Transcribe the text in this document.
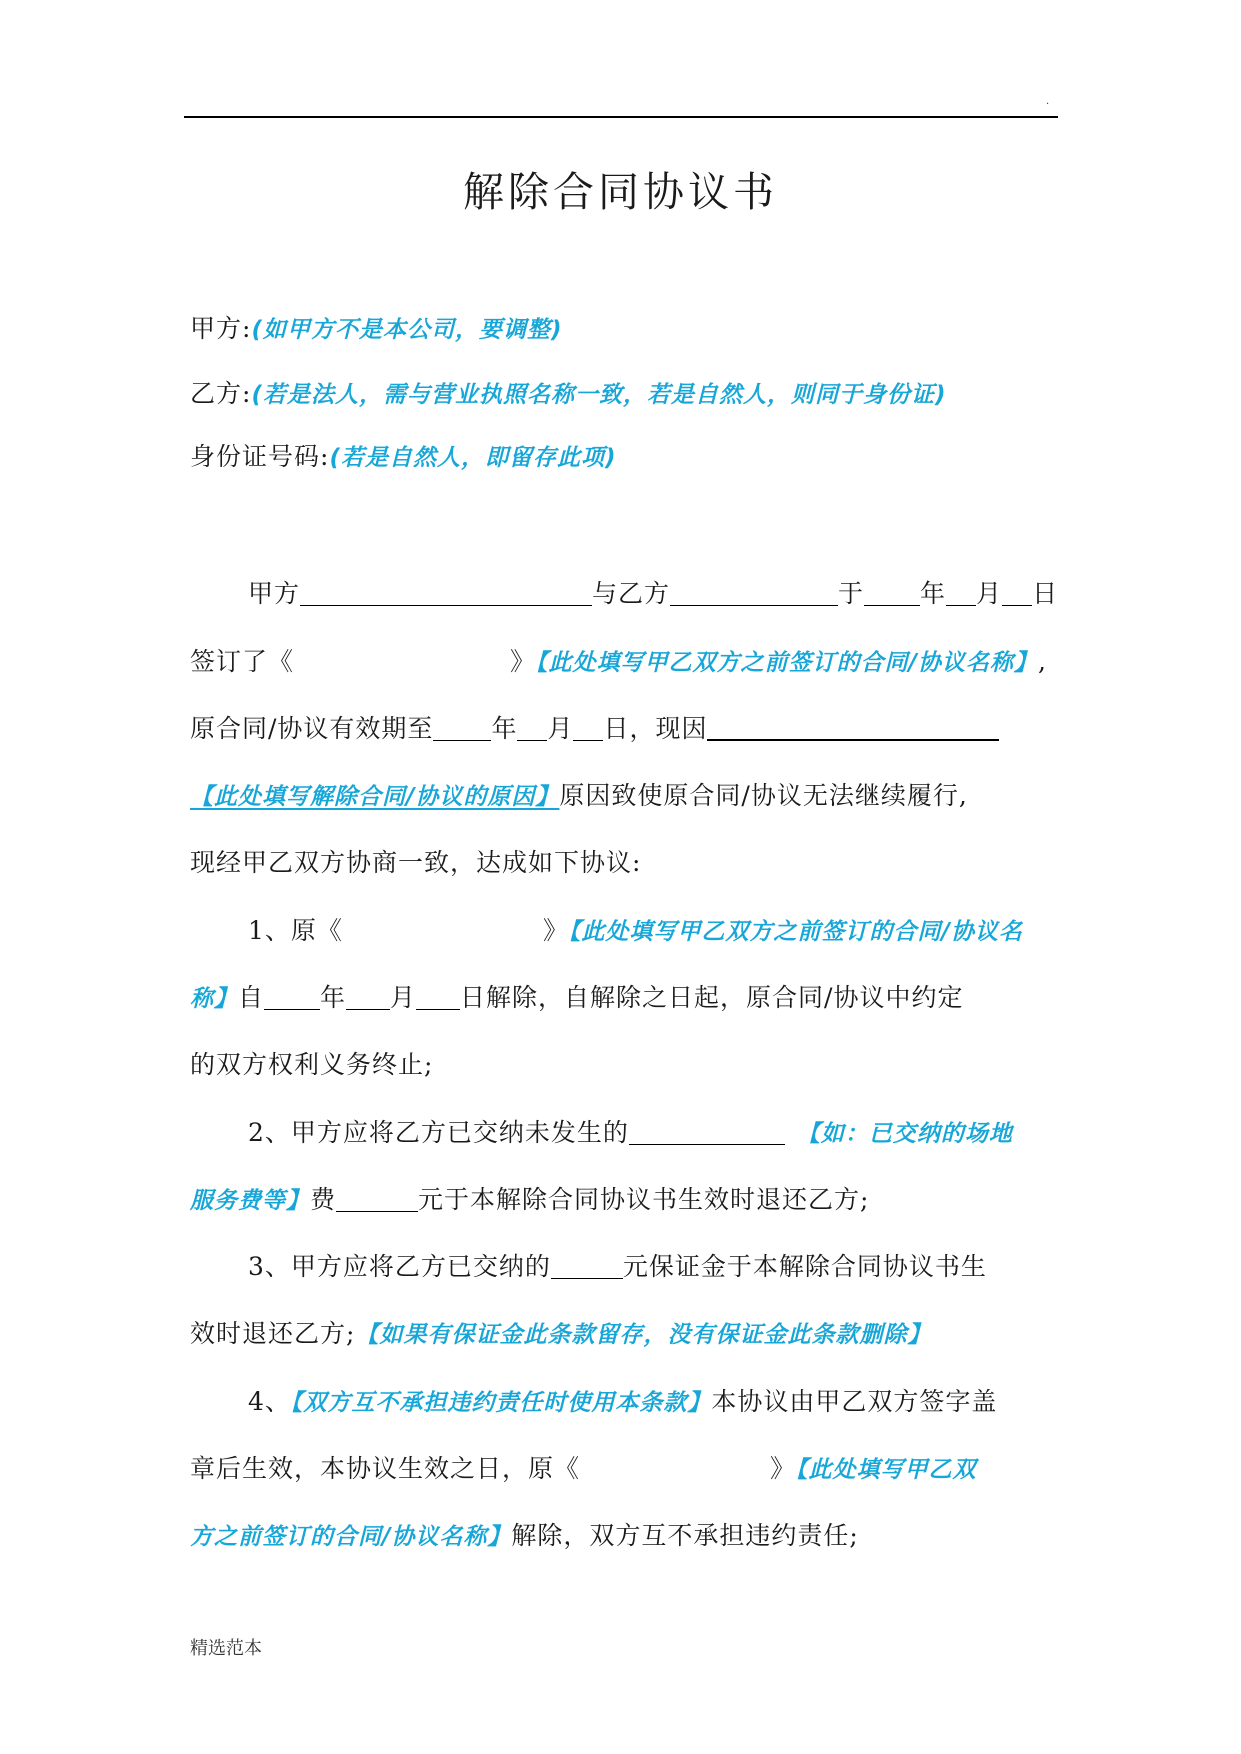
.
解除合同协议书
甲方:(如甲方不是本公司，要调整)
乙方:(若是法人，需与营业执照名称一致，若是自然人，则同于身份证)
身份证号码:(若是自然人，即留存此项)
甲方	与乙方	于 年 月 日
签订了《	》【此处填写甲乙双方之前签订的合同/协议名称】,
原合同/协议有效期至 年 月 日，现因
【此处填写解除合同/协议的原因】原因致使原合同/协议无法继续履行,
现经甲乙双方协商一致，达成如下协议:
1、原《	》【此处填写甲乙双方之前签订的合同/协议名
称】自 年 月 日解除，自解除之日起，原合同/协议中约定
的双方权利义务终止;
2、甲方应将乙方已交纳未发生的	【如：已交纳的场地
服务费等】费	元于本解除合同协议书生效时退还乙方;
3、甲方应将乙方已交纳的	元保证金于本解除合同协议书生
效时退还乙方;【如果有保证金此条款留存，没有保证金此条款删除】
4、【双方互不承担违约责任时使用本条款】本协议由甲乙双方签字盖
章后生效，本协议生效之日，原《	》【此处填写甲乙双
方之前签订的合同/协议名称】解除，双方互不承担违约责任;
精选范本
